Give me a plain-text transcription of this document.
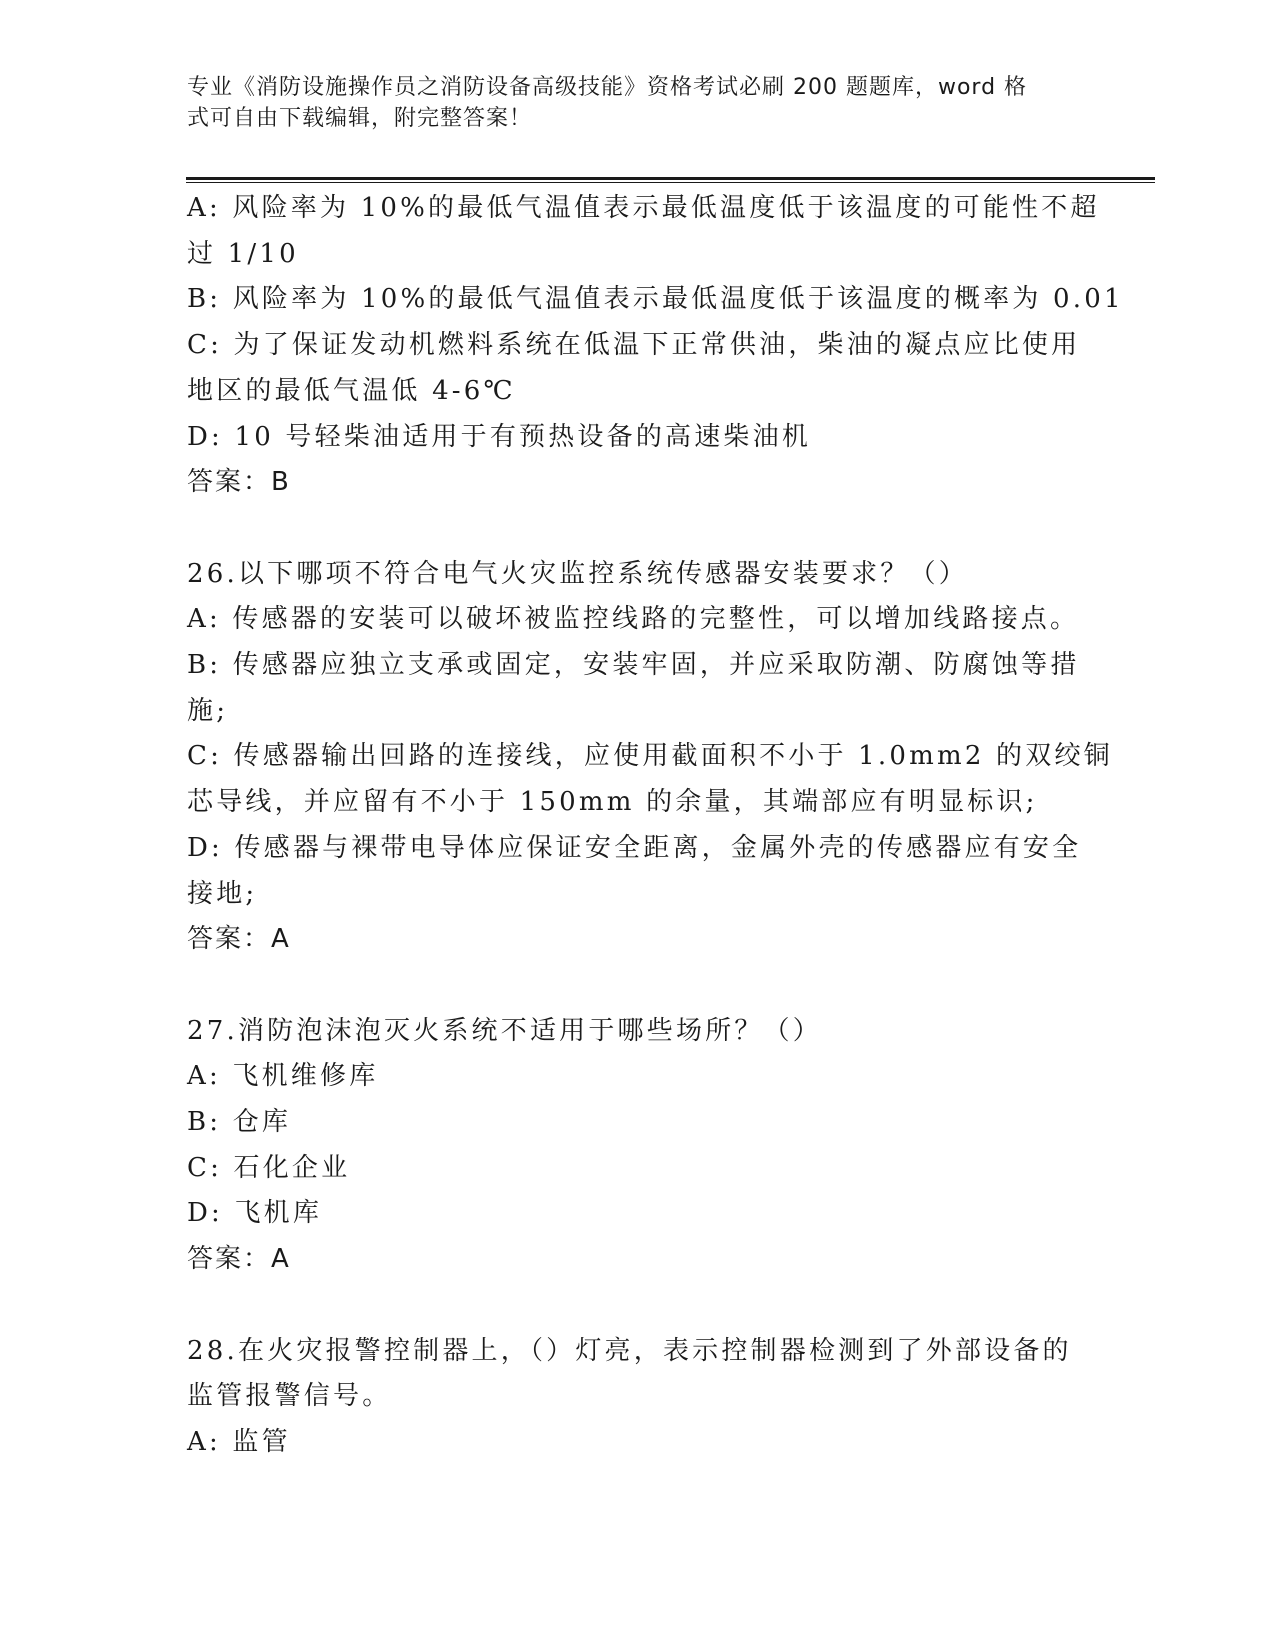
专业《消防设施操作员之消防设备高级技能》资格考试必刷 200 题题库，word 格
式可自由下载编辑，附完整答案！
A: 风险率为 10%的最低气温值表示最低温度低于该温度的可能性不超
过 1/10
B: 风险率为 10%的最低气温值表示最低温度低于该温度的概率为 0.01
C: 为了保证发动机燃料系统在低温下正常供油，柴油的凝点应比使用
地区的最低气温低 4-6℃
D: 10 号轻柴油适用于有预热设备的高速柴油机
答案：B
26.以下哪项不符合电气火灾监控系统传感器安装要求？（）
A: 传感器的安装可以破坏被监控线路的完整性，可以增加线路接点。
B: 传感器应独立支承或固定，安装牢固，并应采取防潮、防腐蚀等措
施;
C: 传感器输出回路的连接线，应使用截面积不小于 1.0mm2 的双绞铜
芯导线，并应留有不小于 150mm 的余量，其端部应有明显标识;
D: 传感器与裸带电导体应保证安全距离，金属外壳的传感器应有安全
接地;
答案：A
27.消防泡沫泡灭火系统不适用于哪些场所？（）
A: 飞机维修库
B: 仓库
C: 石化企业
D: 飞机库
答案：A
28.在火灾报警控制器上，（）灯亮，表示控制器检测到了外部设备的
监管报警信号。
A: 监管
